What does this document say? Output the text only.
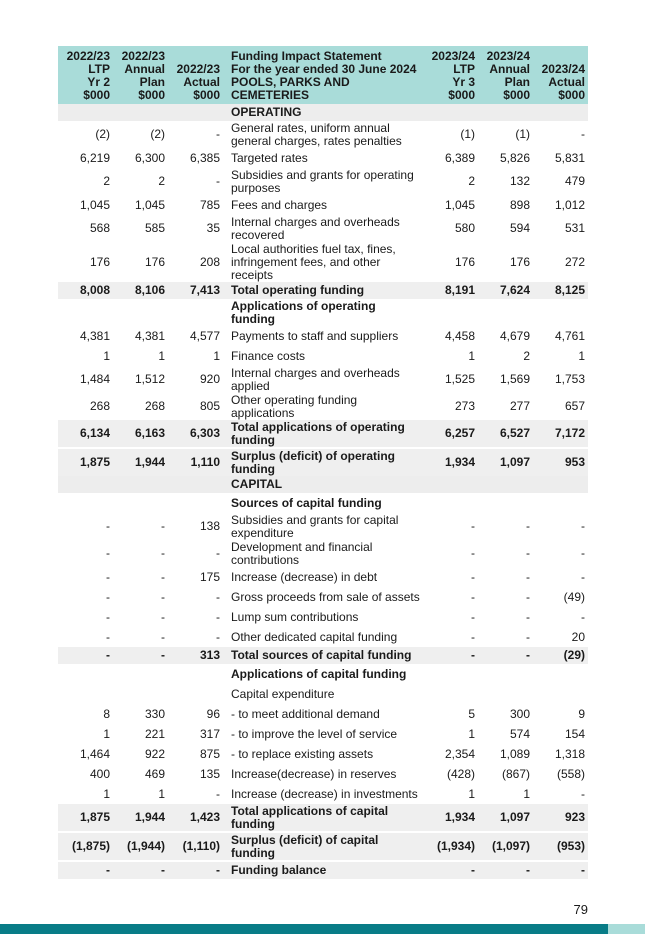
2022/23
LTP
Yr 2
$000	2022/23
Annual
Plan
$000	2022/23
Actual
$000	Funding Impact Statement
For the year ended 30 June 2024
POOLS, PARKS AND
CEMETERIES	2023/24
LTP
Yr 3
$000	2023/24
Annual
Plan
$000	2023/24
Actual
$000
			OPERATING			
(2)	(2)	-	General rates, uniform annual general charges, rates penalties	(1)	(1)	-
6,219	6,300	6,385	Targeted rates	6,389	5,826	5,831
2	2	-	Subsidies and grants for operating purposes	2	132	479
1,045	1,045	785	Fees and charges	1,045	898	1,012
568	585	35	Internal charges and overheads recovered	580	594	531
176	176	208	Local authorities fuel tax, fines, infringement fees, and other receipts	176	176	272
8,008	8,106	7,413	Total operating funding	8,191	7,624	8,125
			Applications of operating funding			
4,381	4,381	4,577	Payments to staff and suppliers	4,458	4,679	4,761
1	1	1	Finance costs	1	2	1
1,484	1,512	920	Internal charges and overheads applied	1,525	1,569	1,753
268	268	805	Other operating funding applications	273	277	657
6,134	6,163	6,303	Total applications of operating funding	6,257	6,527	7,172
1,875	1,944	1,110	Surplus (deficit) of operating funding	1,934	1,097	953
			CAPITAL			
			Sources of capital funding			
-	-	138	Subsidies and grants for capital expenditure	-	-	-
-	-	-	Development and financial contributions	-	-	-
-	-	175	Increase (decrease) in debt	-	-	-
-	-	-	Gross proceeds from sale of assets	-	-	(49)
-	-	-	Lump sum contributions	-	-	-
-	-	-	Other dedicated capital funding	-	-	20
-	-	313	Total sources of capital funding	-	-	(29)
			Applications of capital funding			
			Capital expenditure			
8	330	96	- to meet additional demand	5	300	9
1	221	317	- to improve the level of service	1	574	154
1,464	922	875	- to replace existing assets	2,354	1,089	1,318
400	469	135	Increase(decrease) in reserves	(428)	(867)	(558)
1	1	-	Increase (decrease) in investments	1	1	-
1,875	1,944	1,423	Total applications of capital funding	1,934	1,097	923
(1,875)	(1,944)	(1,110)	Surplus (deficit) of capital funding	(1,934)	(1,097)	(953)
-	-	-	Funding balance	-	-	-
79
